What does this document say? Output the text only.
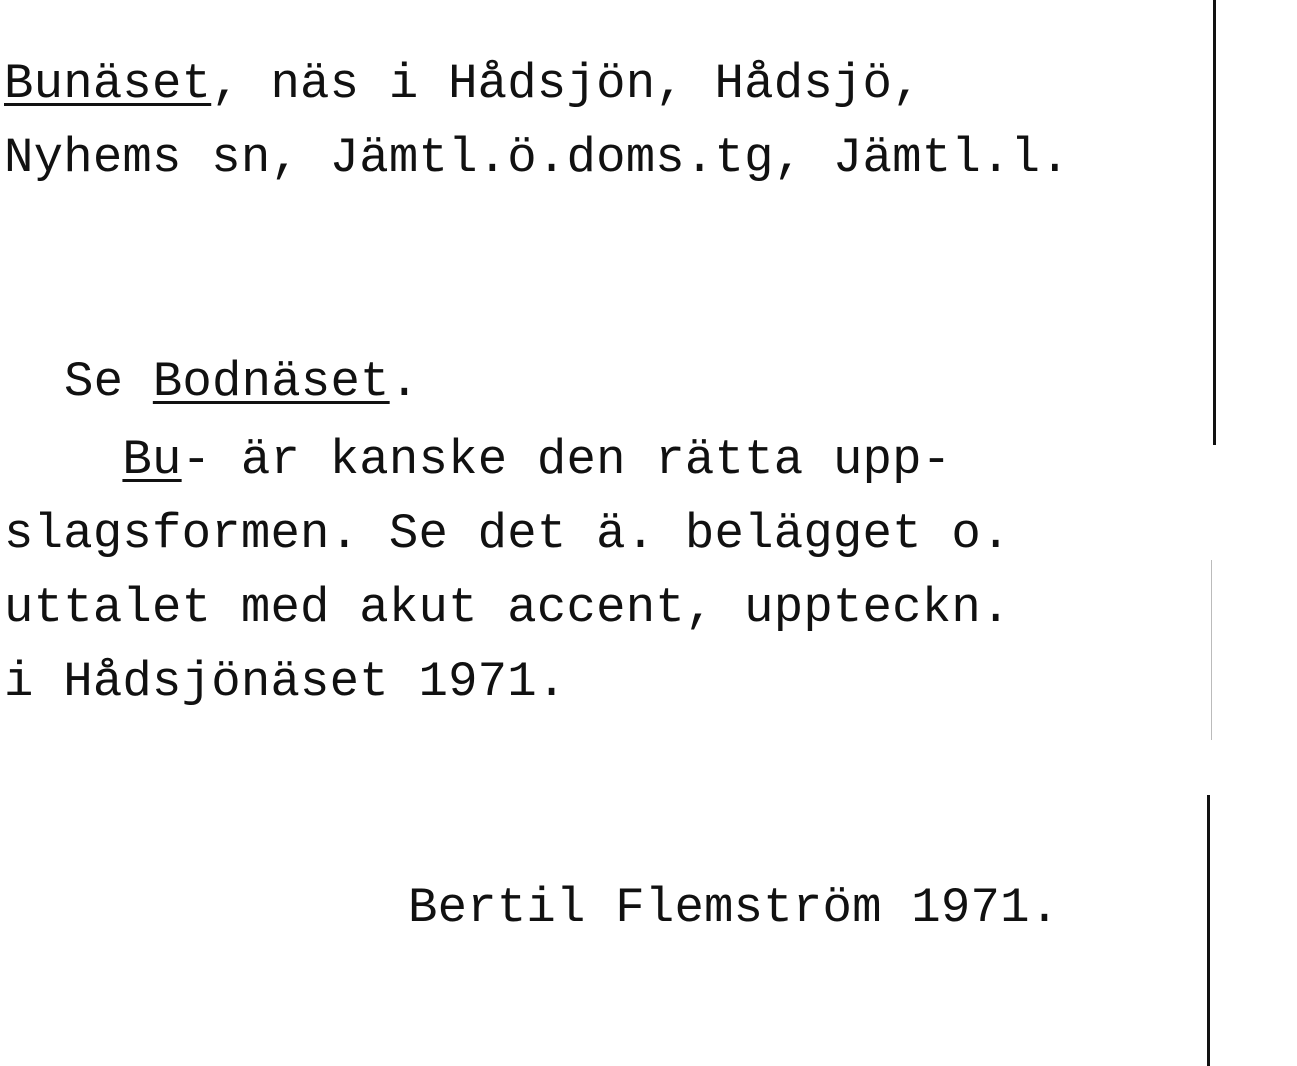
Bunäset, näs i Hådsjön, Hådsjö,
Nyhems sn, Jämtl.ö.doms.tg, Jämtl.l.
Se Bodnäset.
Bu- är kanske den rätta upp-
slagsformen. Se det ä. belägget o.
uttalet med akut accent, uppteckn.
i Hådsjönäset 1971.
Bertil Flemström 1971.
